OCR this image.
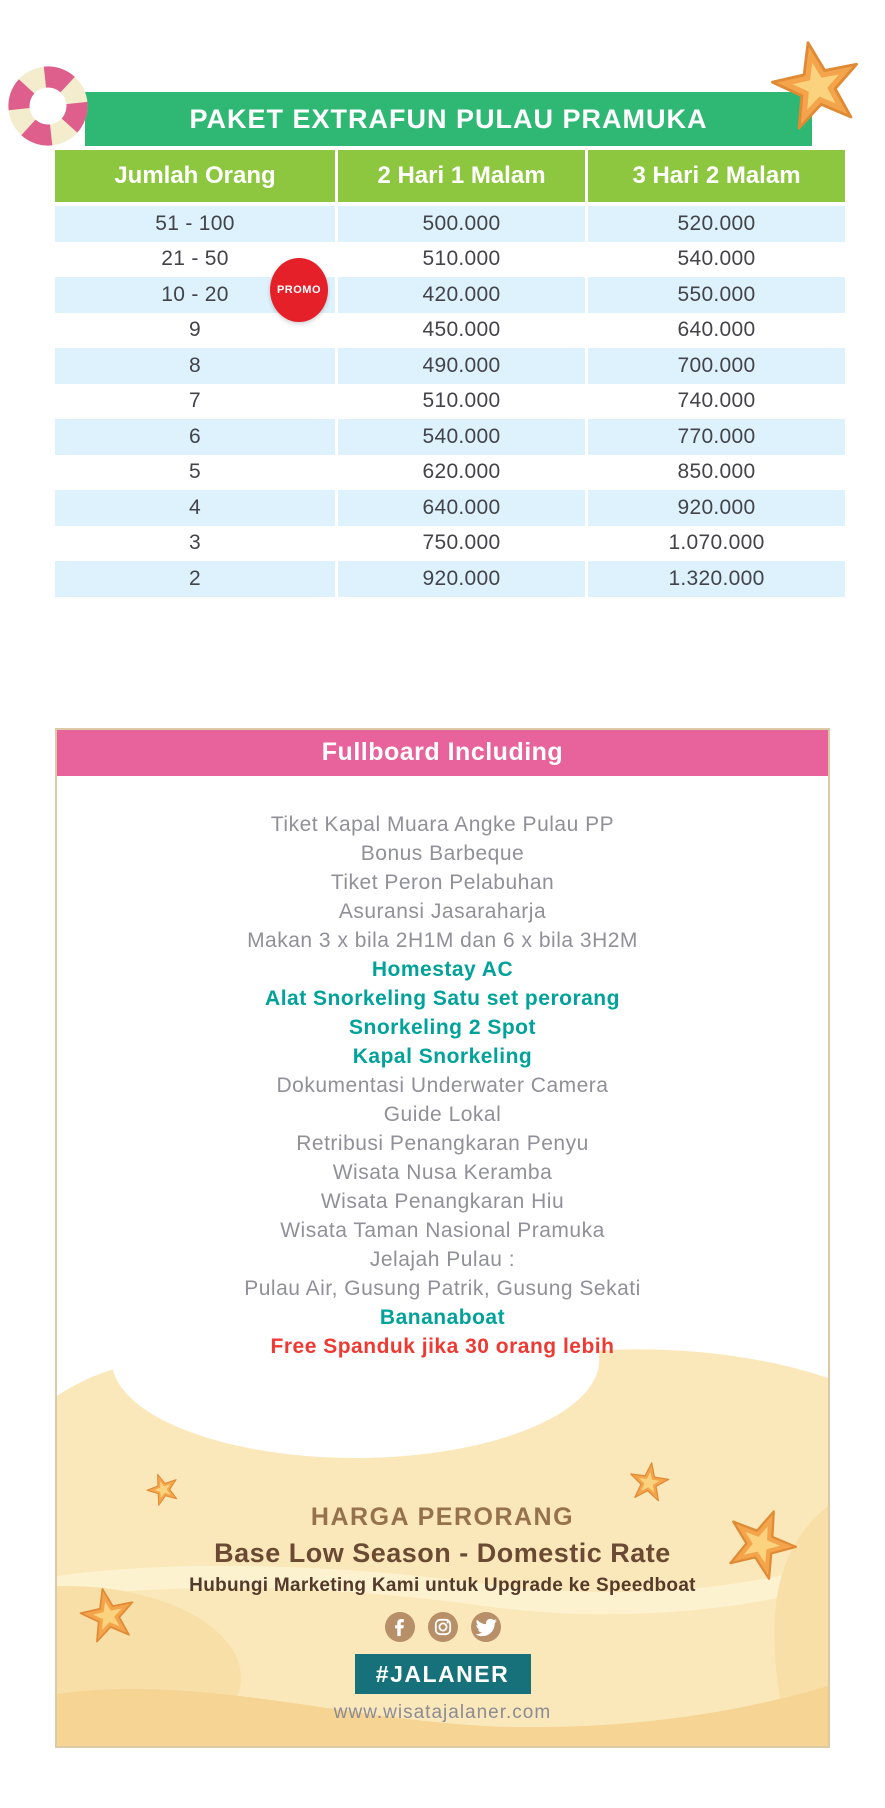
PAKET EXTRAFUN PULAU PRAMUKA
Jumlah Orang	2 Hari 1 Malam	3 Hari 2 Malam
51 - 100	500.000	520.000
21 - 50	510.000	540.000
10 - 20	420.000	550.000
9	450.000	640.000
8	490.000	700.000
7	510.000	740.000
6	540.000	770.000
5	620.000	850.000
4	640.000	920.000
3	750.000	1.070.000
2	920.000	1.320.000
PROMO
Fullboard Including
Tiket Kapal Muara Angke Pulau PP
Bonus Barbeque
Tiket Peron Pelabuhan
Asuransi Jasaraharja
Makan 3 x bila 2H1M dan 6 x bila 3H2M
Homestay AC
Alat Snorkeling Satu set perorang
Snorkeling 2 Spot
Kapal Snorkeling
Dokumentasi Underwater Camera
Guide Lokal
Retribusi Penangkaran Penyu
Wisata Nusa Keramba
Wisata Penangkaran Hiu
Wisata Taman Nasional Pramuka
Jelajah Pulau :
Pulau Air, Gusung Patrik, Gusung Sekati
Bananaboat
Free Spanduk jika 30 orang lebih
HARGA PERORANG
Base Low Season - Domestic Rate
Hubungi Marketing Kami untuk Upgrade ke Speedboat
#JALANER
www.wisatajalaner.com
